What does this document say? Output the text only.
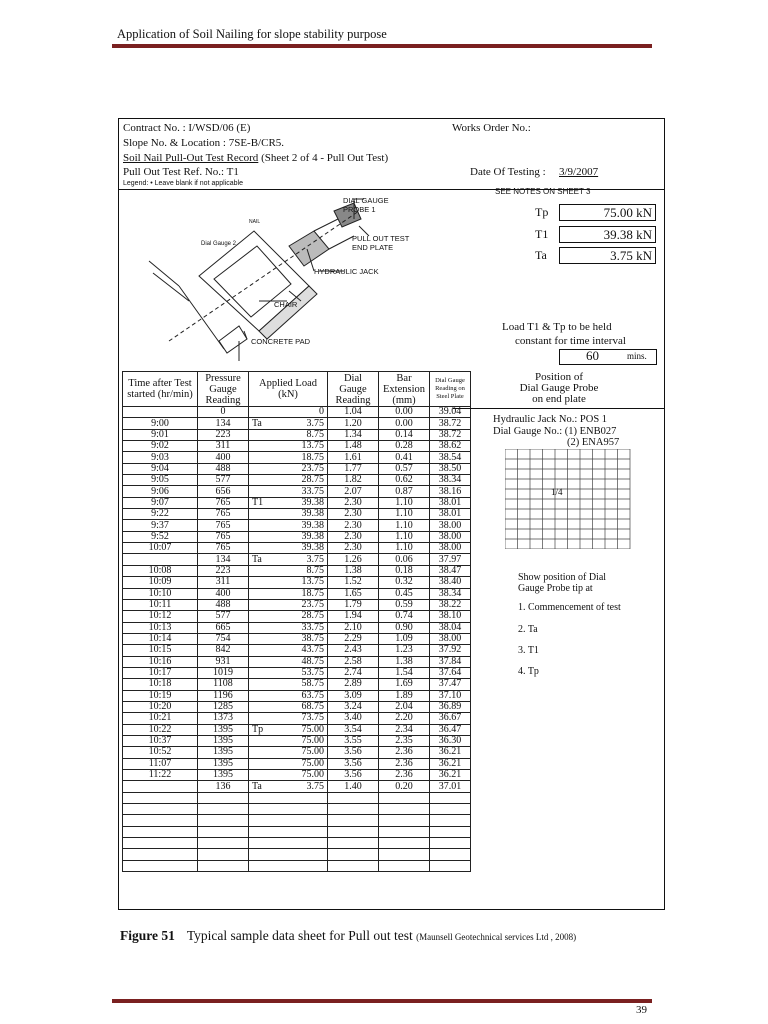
Application of Soil Nailing for slope stability purpose
Contract No. : I/WSD/06 (E)	Works Order No.:
Slope No. & Location : 7SE-B/CR5.
Soil Nail Pull-Out Test Record (Sheet 2 of 4 - Pull Out Test)
Pull Out Test Ref. No.: T1	Date Of Testing : 3/9/2007
Legend: • Leave blank if not applicable
SEE NOTES ON SHEET 3
Tp	75.00 kN
T1	39.38 kN
Ta	3.75 kN
DIAL GAUGE
PROBE 1
NAIL
Dial Gauge 2
PULL OUT TEST
END PLATE
HYDRAULIC JACK
CHAIR
CONCRETE PAD
Load T1 & Tp to be held
constant for time interval
60	mins.
Time after Test started (hr/min)	Pressure Gauge Reading	Applied Load (kN)		Dial Gauge Reading	Bar Extension (mm)	Dial Gauge Reading on Steel Plate
	0		0	1.04	0.00	39.04
9:00	134	Ta	3.75	1.20	0.00	38.72
9:01	223		8.75	1.34	0.14	38.72
9:02	311		13.75	1.48	0.28	38.62
9:03	400		18.75	1.61	0.41	38.54
9:04	488		23.75	1.77	0.57	38.50
9:05	577		28.75	1.82	0.62	38.34
9:06	656		33.75	2.07	0.87	38.16
9:07	765	T1	39.38	2.30	1.10	38.01
9:22	765		39.38	2.30	1.10	38.01
9:37	765		39.38	2.30	1.10	38.00
9:52	765		39.38	2.30	1.10	38.00
10:07	765		39.38	2.30	1.10	38.00
	134	Ta	3.75	1.26	0.06	37.97
10:08	223		8.75	1.38	0.18	38.47
10:09	311		13.75	1.52	0.32	38.40
10:10	400		18.75	1.65	0.45	38.34
10:11	488		23.75	1.79	0.59	38.22
10:12	577		28.75	1.94	0.74	38.10
10:13	665		33.75	2.10	0.90	38.04
10:14	754		38.75	2.29	1.09	38.00
10:15	842		43.75	2.43	1.23	37.92
10:16	931		48.75	2.58	1.38	37.84
10:17	1019		53.75	2.74	1.54	37.64
10:18	1108		58.75	2.89	1.69	37.47
10:19	1196		63.75	3.09	1.89	37.10
10:20	1285		68.75	3.24	2.04	36.89
10:21	1373		73.75	3.40	2.20	36.67
10:22	1395	Tp	75.00	3.54	2.34	36.47
10:37	1395		75.00	3.55	2.35	36.30
10:52	1395		75.00	3.56	2.36	36.21
11:07	1395		75.00	3.56	2.36	36.21
11:22	1395		75.00	3.56	2.36	36.21
	136	Ta	3.75	1.40	0.20	37.01

Position of
Dial Gauge Probe
on end plate
Hydraulic Jack No.: POS 1
Dial Gauge No.: (1) ENB027
(2) ENA957
1/4
Show position of Dial
Gauge Probe tip at
1. Commencement of test
2. Ta
3. T1
4. Tp
Figure 51 Typical sample data sheet for Pull out test (Maunsell Geotechnical services Ltd , 2008)
39
